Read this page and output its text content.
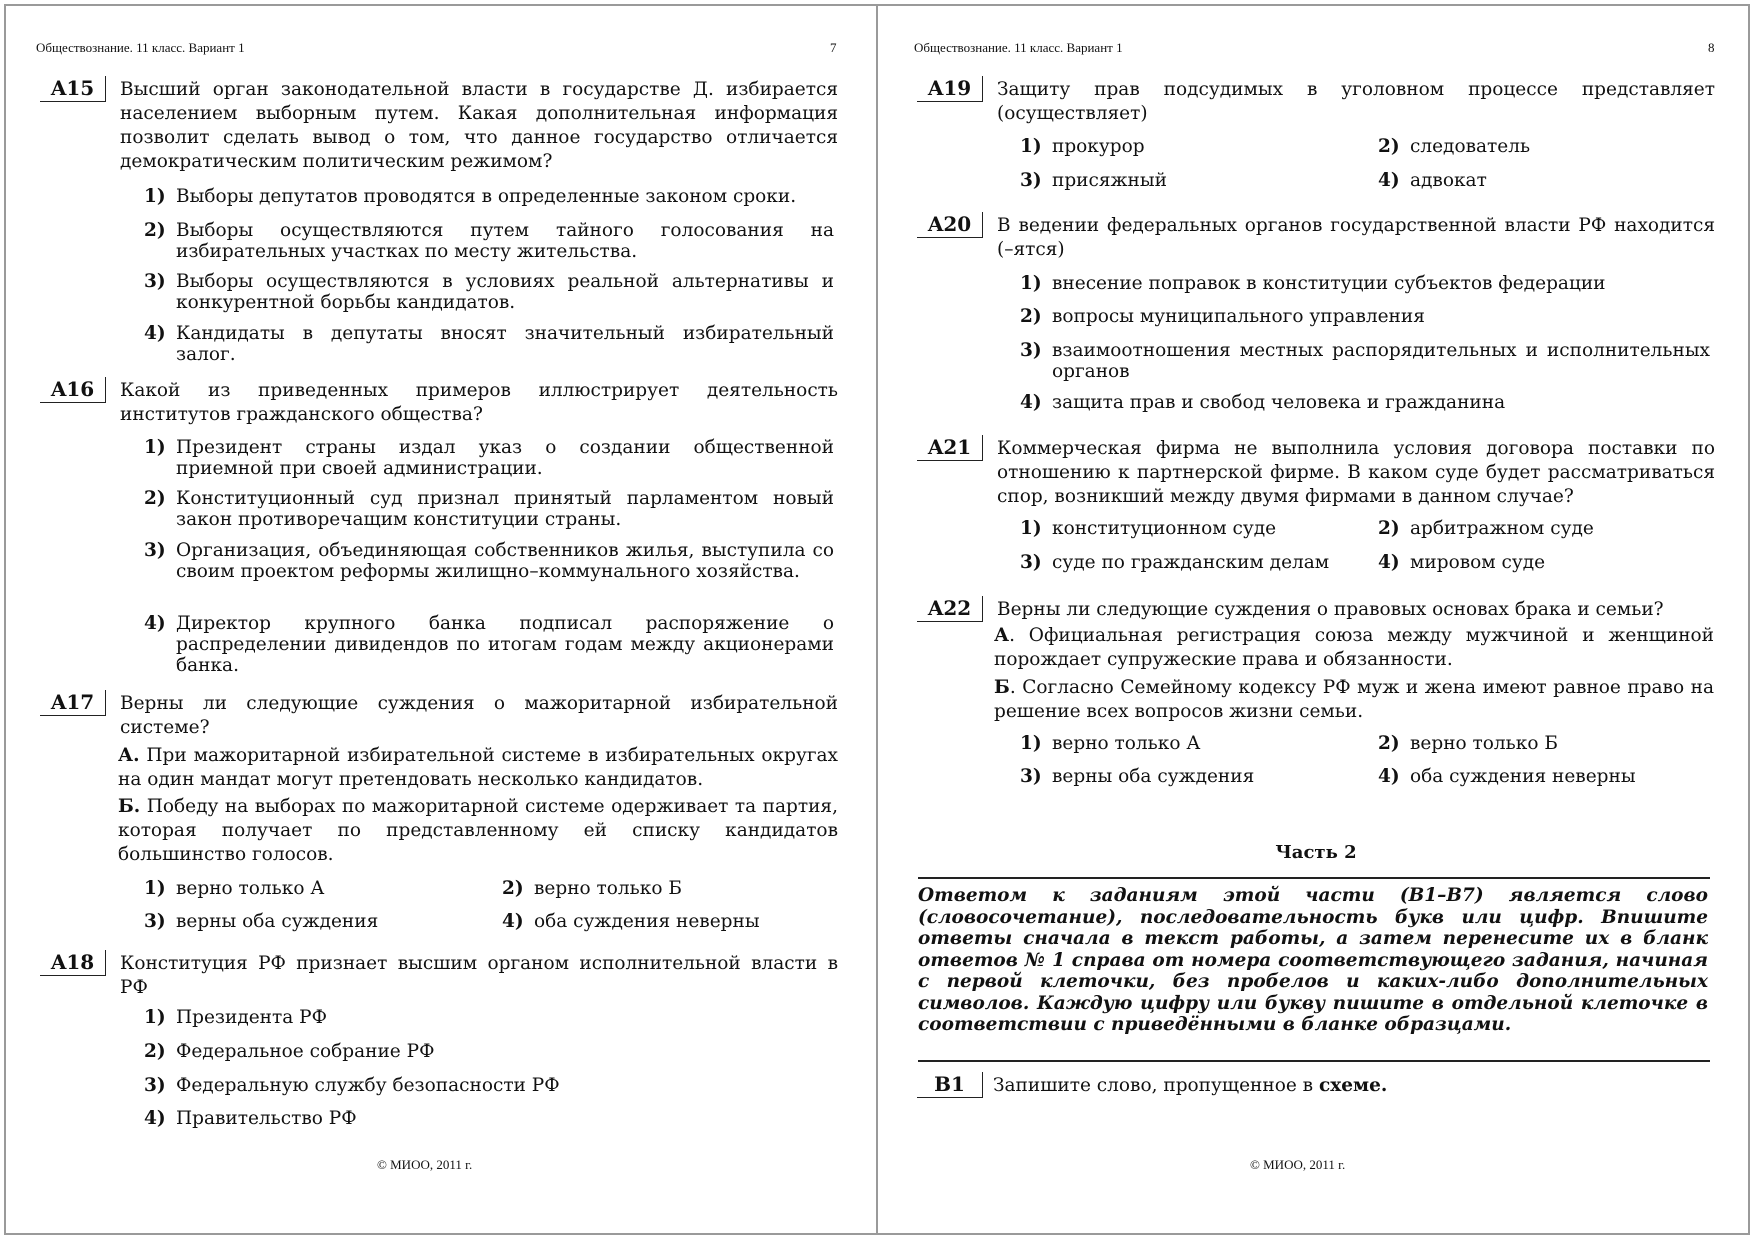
Обществознание. 11 класс. Вариант 1	7
A15	Высший орган законодательной власти в государстве Д. избирается населением выборным путем. Какая дополнительная информация позволит сделать вывод о том, что данное государство отличается демократическим политическим режимом?
1) Выборы депутатов проводятся в определенные законом сроки.
2) Выборы осуществляются путем тайного голосования на избирательных участках по месту жительства.
3) Выборы осуществляются в условиях реальной альтернативы и конкурентной борьбы кандидатов.
4) Кандидаты в депутаты вносят значительный избирательный залог.
A16	Какой из приведенных примеров иллюстрирует деятельность институтов гражданского общества?
1) Президент страны издал указ о создании общественной приемной при своей администрации.
2) Конституционный суд признал принятый парламентом новый закон противоречащим конституции страны.
3) Организация, объединяющая собственников жилья, выступила со своим проектом реформы жилищно–коммунального хозяйства.
4) Директор крупного банка подписал распоряжение о распределении дивидендов по итогам годам между акционерами банка.
A17	Верны ли следующие суждения о мажоритарной избирательной системе?
А. При мажоритарной избирательной системе в избирательных округах на один мандат могут претендовать несколько кандидатов.
Б. Победу на выборах по мажоритарной системе одерживает та партия, которая получает по представленному ей списку кандидатов большинство голосов.
1) верно только А	2) верно только Б
3) верны оба суждения	4) оба суждения неверны
A18	Конституция РФ признает высшим органом исполнительной власти в РФ
1) Президента РФ
2) Федеральное собрание РФ
3) Федеральную службу безопасности РФ
4) Правительство РФ
© МИОО, 2011 г.
Обществознание. 11 класс. Вариант 1	8
A19	Защиту прав подсудимых в уголовном процессе представляет (осуществляет)
1) прокурор	2) следователь
3) присяжный	4) адвокат
A20	В ведении федеральных органов государственной власти РФ находится (–ятся)
1) внесение поправок в конституции субъектов федерации
2) вопросы муниципального управления
3) взаимоотношения местных распорядительных и исполнительных органов
4) защита прав и свобод человека и гражданина
A21	Коммерческая фирма не выполнила условия договора поставки по отношению к партнерской фирме. В каком суде будет рассматриваться спор, возникший между двумя фирмами в данном случае?
1) конституционном суде	2) арбитражном суде
3) суде по гражданским делам	4) мировом суде
A22	Верны ли следующие суждения о правовых основах брака и семьи?
А. Официальная регистрация союза между мужчиной и женщиной порождает супружеские права и обязанности.
Б. Согласно Семейному кодексу РФ муж и жена имеют равное право на решение всех вопросов жизни семьи.
1) верно только А	2) верно только Б
3) верны оба суждения	4) оба суждения неверны
Часть 2
Ответом к заданиям этой части (В1–В7) является слово (словосочетание), последовательность букв или цифр. Впишите ответы сначала в текст работы, а затем перенесите их в бланк ответов № 1 справа от номера соответствующего задания, начиная с первой клеточки, без пробелов и каких-либо дополнительных символов. Каждую цифру или букву пишите в отдельной клеточке в соответствии с приведёнными в бланке образцами.
B1	Запишите слово, пропущенное в схеме.
© МИОО, 2011 г.
